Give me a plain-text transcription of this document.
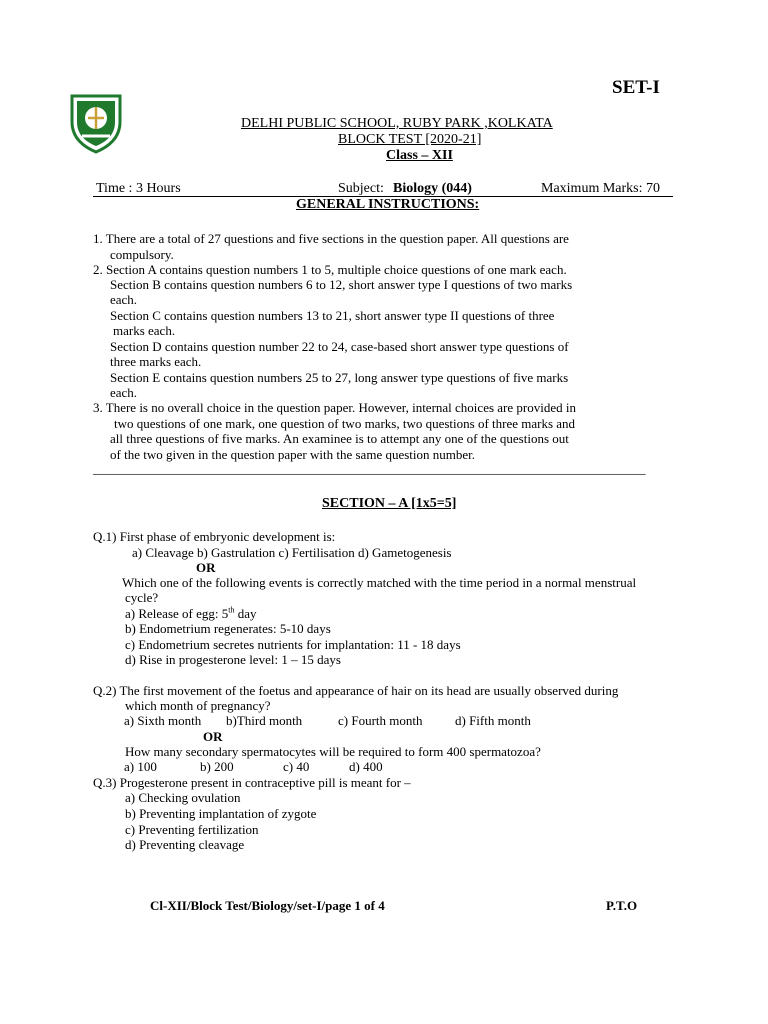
SET-I
DELHI PUBLIC SCHOOL, RUBY PARK ,KOLKATA
BLOCK TEST [2020-21]
Class – XII
Time : 3 Hours	Subject: Biology (044)	Maximum Marks: 70
GENERAL INSTRUCTIONS:
1. There are a total of 27 questions and five sections in the question paper. All questions are
compulsory.
2. Section A contains question numbers 1 to 5, multiple choice questions of one mark each.
Section B contains question numbers 6 to 12, short answer type I questions of two marks
each.
Section C contains question numbers 13 to 21, short answer type II questions of three
marks each.
Section D contains question number 22 to 24, case-based short answer type questions of
three marks each.
Section E contains question numbers 25 to 27, long answer type questions of five marks
each.
3. There is no overall choice in the question paper. However, internal choices are provided in
two questions of one mark, one question of two marks, two questions of three marks and
all three questions of five marks. An examinee is to attempt any one of the questions out
of the two given in the question paper with the same question number.
_____________________________________________________________________________________
SECTION – A [1x5=5]
Q.1) First phase of embryonic development is:
a) Cleavage b) Gastrulation c) Fertilisation d) Gametogenesis
OR
Which one of the following events is correctly matched with the time period in a normal menstrual
cycle?
a) Release of egg: 5th day
b) Endometrium regenerates: 5-10 days
c) Endometrium secretes nutrients for implantation: 11 - 18 days
d) Rise in progesterone level: 1 – 15 days
Q.2) The first movement of the foetus and appearance of hair on its head are usually observed during
which month of pregnancy?
a) Sixth month b)Third month	c) Fourth month	d) Fifth month
OR
How many secondary spermatocytes will be required to form 400 spermatozoa?
a) 100	b) 200	c) 40	d) 400
Q.3) Progesterone present in contraceptive pill is meant for –
a) Checking ovulation
b) Preventing implantation of zygote
c) Preventing fertilization
d) Preventing cleavage
Cl-XII/Block Test/Biology/set-I/page 1 of 4	P.T.O
